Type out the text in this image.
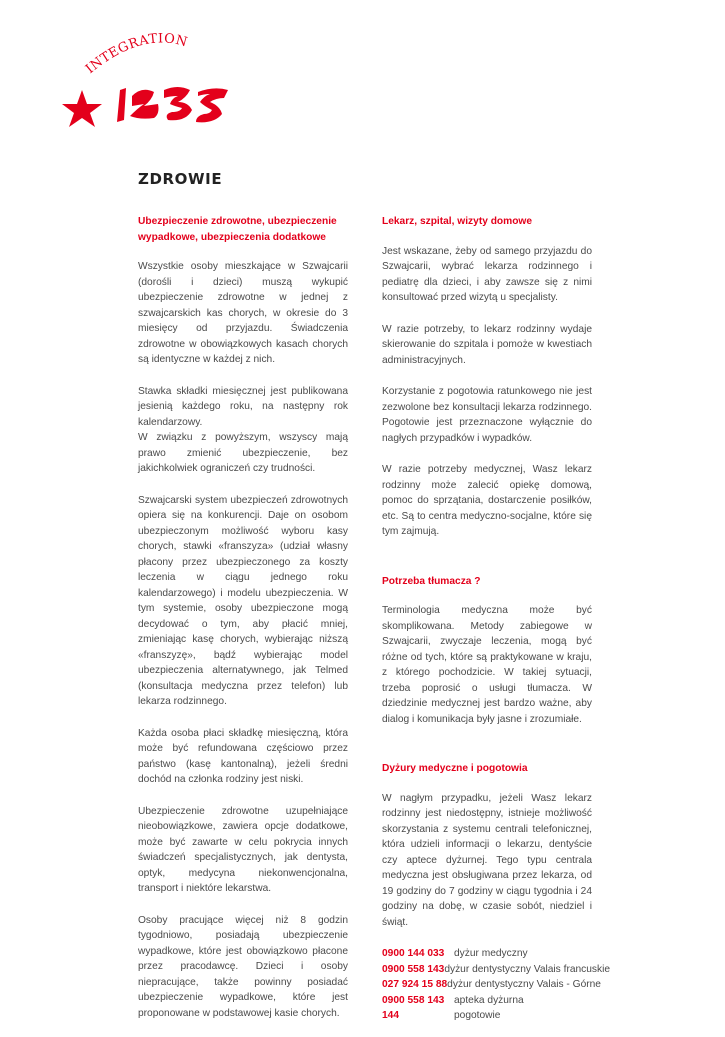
INTEGRATION
ZDROWIE
Ubezpieczenie zdrowotne, ubezpieczenie wypadkowe, ubezpieczenia dodatkowe

Wszystkie osoby mieszkające w Szwajcarii (dorośli i dzieci) muszą wykupić ubezpieczenie zdrowotne w jednej z szwajcarskich kas chorych, w okresie do 3 miesięcy od przyjazdu. Świadczenia zdrowotne w obowiązkowych kasach chorych są identyczne w każdej z nich.

Stawka składki miesięcznej jest publikowana jesienią każdego roku, na następny rok kalendarzowy.

W związku z powyższym, wszyscy mają prawo zmienić ubezpieczenie, bez jakichkolwiek ograniczeń czy trudności.

Szwajcarski system ubezpieczeń zdrowotnych opiera się na konkurencji. Daje on osobom ubezpieczonym możliwość wyboru kasy chorych, stawki «franszyza» (udział własny płacony przez ubezpieczonego za koszty leczenia w ciągu jednego roku kalendarzowego) i modelu ubezpieczenia. W tym systemie, osoby ubezpieczone mogą decydować o tym, aby płacić mniej, zmieniając kasę chorych, wybierając niższą «franszyzę», bądź wybierając model ubezpieczenia alternatywnego, jak Telmed (konsultacja medyczna przez telefon) lub lekarza rodzinnego.

Każda osoba płaci składkę miesięczną, która może być refundowana częściowo przez państwo (kasę kantonalną), jeżeli średni dochód na członka rodziny jest niski.

Ubezpieczenie zdrowotne uzupełniające nieobowiązkowe, zawiera opcje dodatkowe, może być zawarte w celu pokrycia innych świadczeń specjalistycznych, jak dentysta, optyk, medycyna niekonwencjonalna, transport i niektóre lekarstwa.

Osoby pracujące więcej niż 8 godzin tygodniowo, posiadają ubezpieczenie wypadkowe, które jest obowiązkowo płacone przez pracodawcę. Dzieci i osoby niepracujące, także powinny posiadać ubezpieczenie wypadkowe, które jest proponowane w podstawowej kasie chorych.

Lekarz, szpital, wizyty domowe

Jest wskazane, żeby od samego przyjazdu do Szwajcarii, wybrać lekarza rodzinnego i pediatrę dla dzieci, i aby zawsze się z nimi konsultować przed wizytą u specjalisty.

W razie potrzeby, to lekarz rodzinny wydaje skierowanie do szpitala i pomoże w kwestiach administracyjnych.

Korzystanie z pogotowia ratunkowego nie jest zezwolone bez konsultacji lekarza rodzinnego. Pogotowie jest przeznaczone wyłącznie do nagłych przypadków i wypadków.

W razie potrzeby medycznej, Wasz lekarz rodzinny może zalecić opiekę domową, pomoc do sprzątania, dostarczenie posiłków, etc. Są to centra medyczno-socjalne, które się tym zajmują.

Potrzeba tłumacza ?

Terminologia medyczna może być skomplikowana. Metody zabiegowe w Szwajcarii, zwyczaje leczenia, mogą być różne od tych, które są praktykowane w kraju, z którego pochodzicie. W takiej sytuacji, trzeba poprosić o usługi tłumacza. W dziedzinie medycznej jest bardzo ważne, aby dialog i komunikacja były jasne i zrozumiałe.

Dyżury medyczne i pogotowia

W nagłym przypadku, jeżeli Wasz lekarz rodzinny jest niedostępny, istnieje możliwość skorzystania z systemu centrali telefonicznej, która udzieli informacji o lekarzu, dentyście czy aptece dyżurnej. Tego typu centrala medyczna jest obsługiwana przez lekarza, od 19 godziny do 7 godziny w ciągu tygodnia i 24 godziny na dobę, w czasie sobót, niedziel i świąt.

0900 144 033 dyżur medyczny
0900 558 143 dyżur dentystyczny Valais francuskie
027 924 15 88 dyżur dentystyczny Valais - Górne
0900 558 143 apteka dyżurna
144	pogotowie
